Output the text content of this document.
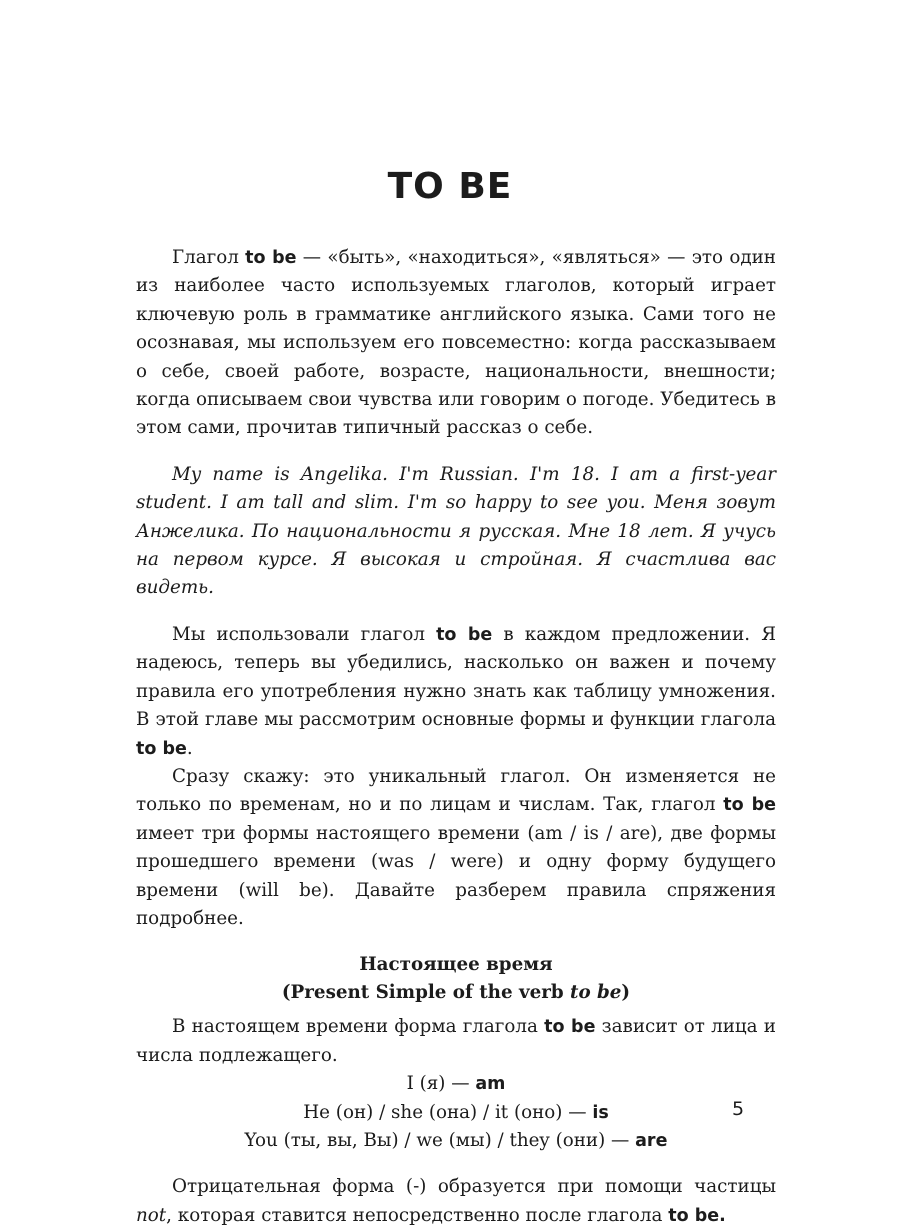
TO BE

Глагол to be — «быть», «находиться», «являться» — это один из наиболее часто используемых глаголов, который играет ключевую роль в грамматике английского языка. Сами того не осознавая, мы используем его повсеместно: когда рассказываем о себе, своей работе, возрасте, национальности, внешности; когда описываем свои чувства или говорим о погоде. Убедитесь в этом сами, прочитав типичный рассказ о себе.

My name is Angelika. I'm Russian. I'm 18. I am a first-year student. I am tall and slim. I'm so happy to see you. Меня зовут Анжелика. По национальности я русская. Мне 18 лет. Я учусь на первом курсе. Я высокая и стройная. Я счастлива вас видеть.

Мы использовали глагол to be в каждом предложении. Я надеюсь, теперь вы убедились, насколько он важен и почему правила его употребления нужно знать как таблицу умножения. В этой главе мы рассмотрим основные формы и функции глагола to be.

Сразу скажу: это уникальный глагол. Он изменяется не только по временам, но и по лицам и числам. Так, глагол to be имеет три формы настоящего времени (am / is / are), две формы прошедшего времени (was / were) и одну форму будущего времени (will be). Давайте разберем правила спряжения подробнее.

Настоящее время
(Present Simple of the verb to be)

В настоящем времени форма глагола to be зависит от лица и числа подлежащего.

I (я) — am

He (он) / she (она) / it (оно) — is

You (ты, вы, Вы) / we (мы) / they (они) — are

Отрицательная форма (-) образуется при помощи частицы not, которая ставится непосредственно после глагола to be.

5
